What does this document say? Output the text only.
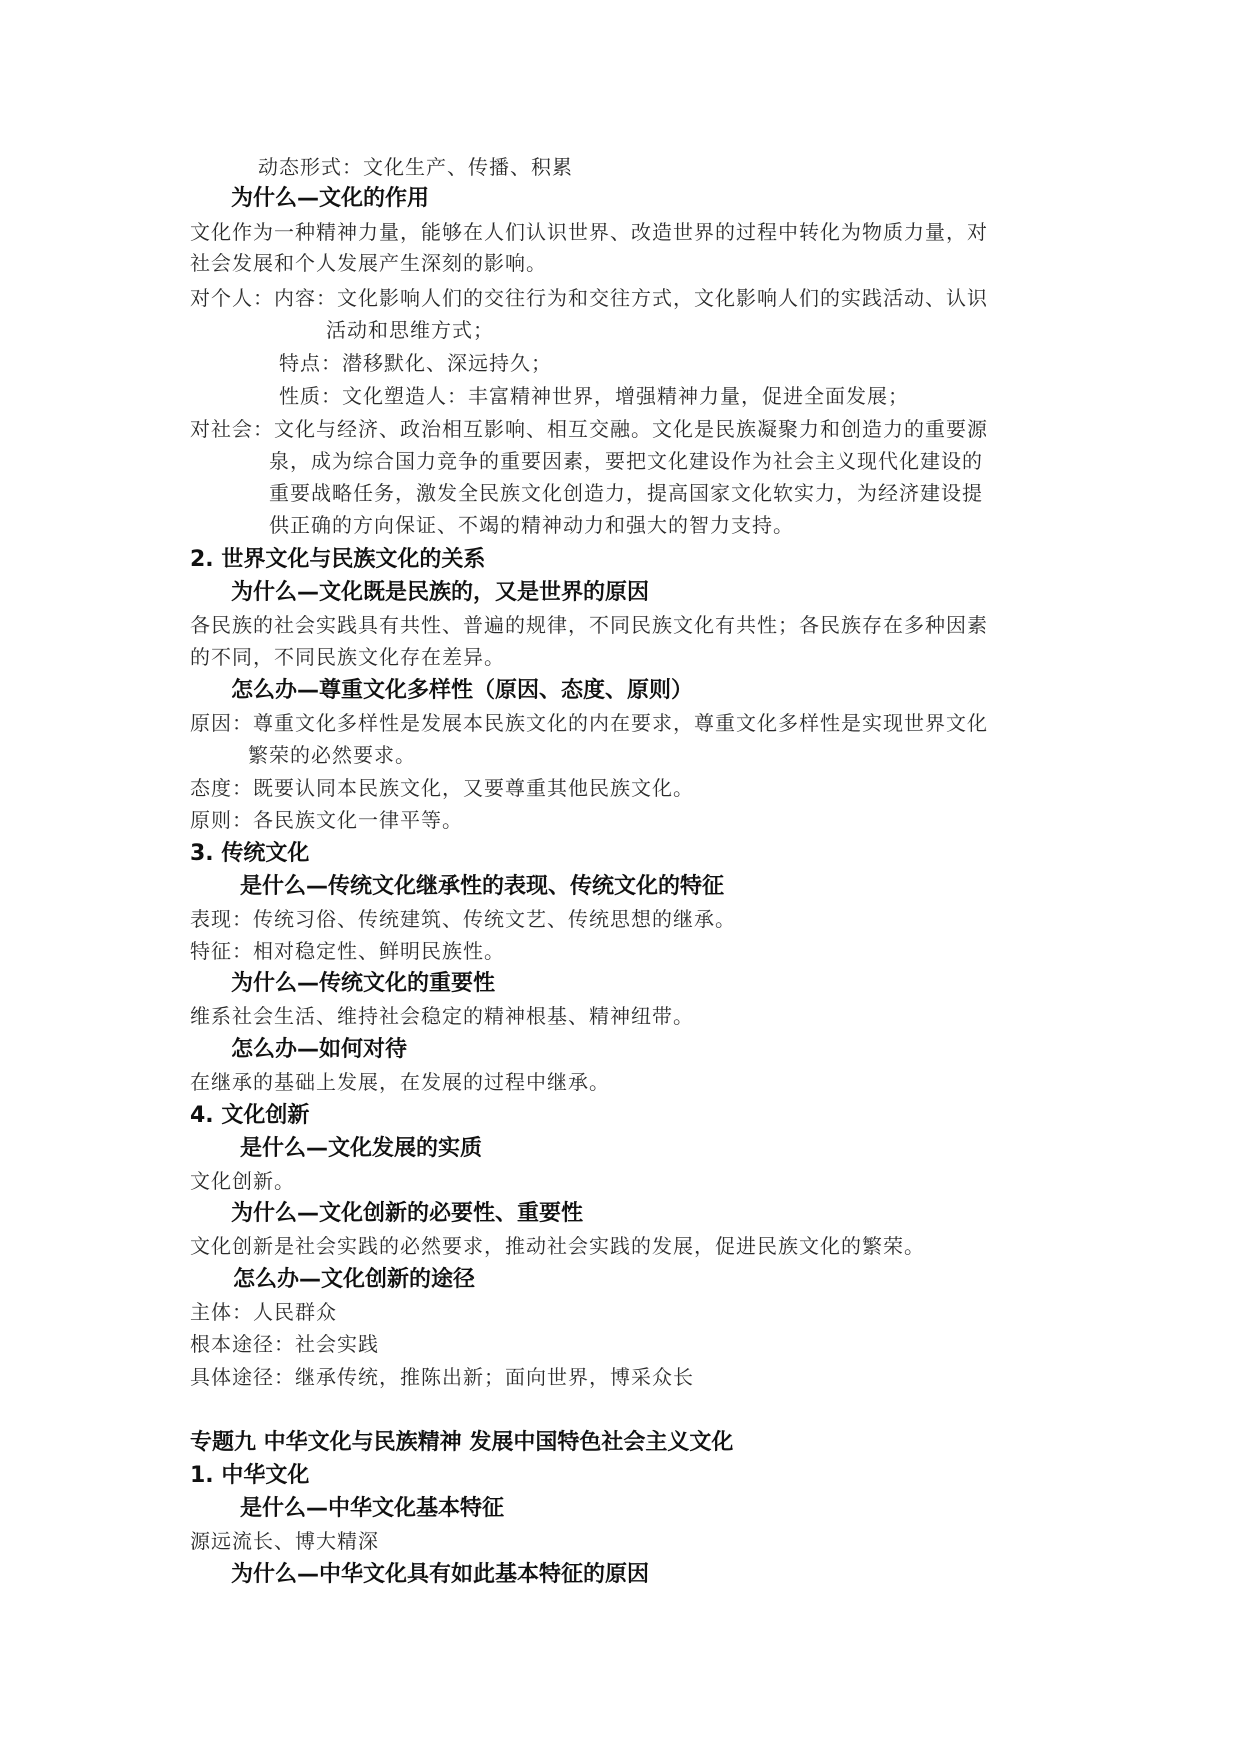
动态形式：文化生产、传播、积累
为什么—文化的作用
文化作为一种精神力量，能够在人们认识世界、改造世界的过程中转化为物质力量，对
社会发展和个人发展产生深刻的影响。
对个人：内容：文化影响人们的交往行为和交往方式，文化影响人们的实践活动、认识
活动和思维方式；
特点：潜移默化、深远持久；
性质：文化塑造人：丰富精神世界，增强精神力量，促进全面发展；
对社会：文化与经济、政治相互影响、相互交融。文化是民族凝聚力和创造力的重要源
泉，成为综合国力竞争的重要因素，要把文化建设作为社会主义现代化建设的
重要战略任务，激发全民族文化创造力，提高国家文化软实力，为经济建设提
供正确的方向保证、不竭的精神动力和强大的智力支持。
2. 世界文化与民族文化的关系
为什么—文化既是民族的，又是世界的原因
各民族的社会实践具有共性、普遍的规律，不同民族文化有共性；各民族存在多种因素
的不同，不同民族文化存在差异。
怎么办—尊重文化多样性（原因、态度、原则）
原因：尊重文化多样性是发展本民族文化的内在要求，尊重文化多样性是实现世界文化
繁荣的必然要求。
态度：既要认同本民族文化，又要尊重其他民族文化。
原则：各民族文化一律平等。
3. 传统文化
是什么—传统文化继承性的表现、传统文化的特征
表现：传统习俗、传统建筑、传统文艺、传统思想的继承。
特征：相对稳定性、鲜明民族性。
为什么—传统文化的重要性
维系社会生活、维持社会稳定的精神根基、精神纽带。
怎么办—如何对待
在继承的基础上发展，在发展的过程中继承。
4. 文化创新
是什么—文化发展的实质
文化创新。
为什么—文化创新的必要性、重要性
文化创新是社会实践的必然要求，推动社会实践的发展，促进民族文化的繁荣。
怎么办—文化创新的途径
主体：人民群众
根本途径：社会实践
具体途径：继承传统，推陈出新；面向世界，博采众长
专题九 中华文化与民族精神 发展中国特色社会主义文化
1. 中华文化
是什么—中华文化基本特征
源远流长、博大精深
为什么—中华文化具有如此基本特征的原因
